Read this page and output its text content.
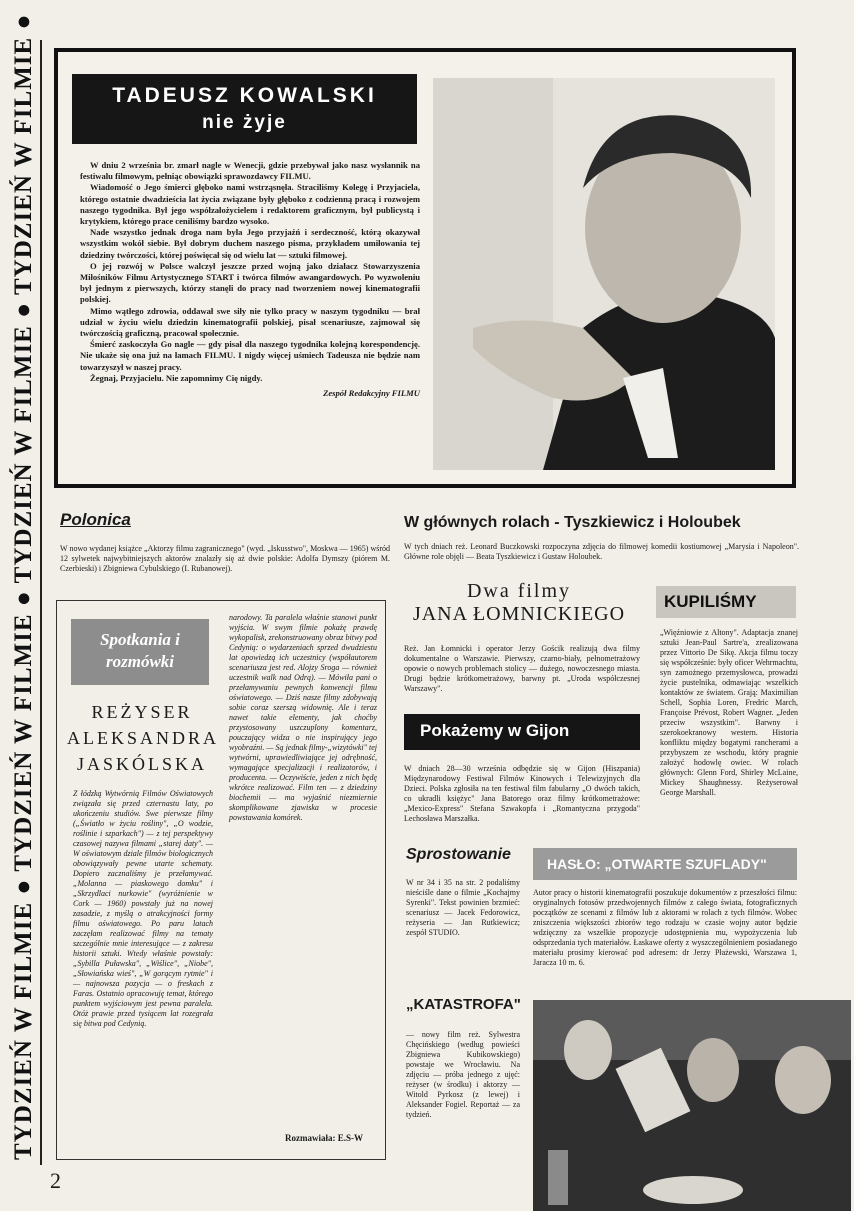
TYDZIEŃ W FILMIE ● TYDZIEŃ W FILMIE ● TYDZIEŃ W FILMIE ● TYDZIEŃ W FILMIE ●	TADEUSZ KOWALSKI
nie żyje

W dniu 2 września br. zmarł nagle w Wenecji, gdzie przebywał jako nasz wysłannik na festiwalu filmowym, pełniąc obowiązki sprawozdawcy FILMU.

Wiadomość o Jego śmierci głęboko nami wstrząsnęła. Straciliśmy Kolegę i Przyjaciela, którego ostatnie dwadzieścia lat życia związane były głęboko z codzienną pracą i rozwojem naszego tygodnika. Był jego współzałożycielem i redaktorem graficznym, był publicystą i krytykiem, którego prace ceniliśmy bardzo wysoko.

Nade wszystko jednak droga nam była Jego przyjaźń i serdeczność, którą okazywał wszystkim wokół siebie. Był dobrym duchem naszego pisma, przykładem umiłowania tej dziedziny twórczości, której poświęcał się od wielu lat — sztuki filmowej.

O jej rozwój w Polsce walczył jeszcze przed wojną jako działacz Stowarzyszenia Miłośników Filmu Artystycznego START i twórca filmów awangardowych. Po wyzwoleniu był jednym z pierwszych, którzy stanęli do pracy nad tworzeniem nowej kinematografii polskiej.

Mimo wątłego zdrowia, oddawał swe siły nie tylko pracy w naszym tygodniku — brał udział w życiu wielu dziedzin kinematografii polskiej, pisał scenariusze, zajmował się twórczością graficzną, pracował społecznie.

Śmierć zaskoczyła Go nagle — gdy pisał dla naszego tygodnika kolejną korespondencję. Nie ukaże się ona już na łamach FILMU. I nigdy więcej uśmiech Tadeusza nie będzie nam towarzyszył w naszej pracy.

Żegnaj, Przyjacielu. Nie zapomnimy Cię nigdy.

Zespół Redakcyjny FILMU
Polonica
W nowo wydanej książce „Aktorzy filmu zagranicznego" (wyd. „Iskusstwo", Moskwa — 1965) wśród 12 sylwetek najwybitniejszych aktorów znalazły się aż dwie polskie: Adolfa Dymszy (piórem M. Czerbieski) i Zbigniewa Cybulskiego (I. Rubanowej).
W głównych rolach - Tyszkiewicz i Holoubek
W tych dniach reż. Leonard Buczkowski rozpoczyna zdjęcia do filmowej komedii kostiumowej „Marysia i Napoleon". Główne role objęli — Beata Tyszkiewicz i Gustaw Holoubek.
Spotkania i rozmówki
REŻYSER ALEKSANDRA JASKÓLSKA
Z łódzką Wytwórnią Filmów Oświatowych związała się przed czternastu laty, po ukończeniu studiów. Swe pierwsze filmy („Światło w życiu rośliny", „O wodzie, roślinie i szparkach") — z tej perspektywy czasowej nazywa filmami „starej daty". — W oświatowym dziale filmów biologicznych obowiązywały pewne utarte schematy. Dopiero zacznaliśmy je przełamywać. „Molanna — piaskowego domku" i „Skrzydlaci nurkowie" (wyróżnienie w Cork — 1960) powstały już na nowej zasadzie, z myślą o atrakcyjności formy filmu oświatowego. Po paru latach zaczęłam realizować filmy na tematy szczególnie mnie interesujące — z zakresu historii sztuki. Wtedy właśnie powstały: „Sybilla Puławska", „Wiślice", „Niobe", „Słowiańska wieś", „W gorącym rytmie" i — najnowsza pozycja — o freskach z Faras. Ostatnio opracowuję temat, którego punktem wyjściowym jest pewna paralela. Otóż prawie przed tysiącem lat rozegrała się bitwa pod Cedynią.
narodowy. Ta paralela właśnie stanowi punkt wyjścia. W swym filmie pokażę prawdę wykopalisk, zrekonstruowany obraz bitwy pod Cedynią: o wydarzeniach sprzed dwudziestu lat opowiedzą ich uczestnicy (współautorem scenariusza jest red. Alojzy Sroga — również uczestnik walk nad Odrą). — Mówiła pani o przełamywaniu pewnych konwencji filmu oświatowego. — Dziś nasze filmy zdobywają sobie coraz szerszą widownię. Ale i teraz nawet takie elementy, jak choćby przystosowany uszczuplony komentarz, pouczający widza o nie inspirujący jego wyobraźni. — Są jednak filmy-„wizytówki" tej wytwórni, uprawiedliwiające jej odrębność, wymagające specjalizacji i realizatorów, i producenta. — Oczywiście, jeden z nich będę wkrótce realizować. Film ten — z dziedziny biochemii — ma wyjaśnić niezmiernie skomplikowane zjawiska w procesie powstawania komórek.
Rozmawiała: E.S-W
Dwa filmy
JANA ŁOMNICKIEGO
Reż. Jan Łomnicki i operator Jerzy Gościk realizują dwa filmy dokumentalne o Warszawie. Pierwszy, czarno-biały, pełnometrażowy opowie o nowych problemach stolicy — dużego, nowoczesnego miasta. Drugi będzie krótkometrażowy, barwny pt. „Uroda współczesnej Warszawy".
Pokażemy w Gijon
W dniach 28—30 września odbędzie się w Gijon (Hiszpania) Międzynarodowy Festiwal Filmów Kinowych i Telewizyjnych dla Dzieci. Polska zgłosiła na ten festiwal film fabularny „O dwóch takich, co ukradli księżyc" Jana Batorego oraz filmy krótkometrażowe: „Mexico-Express" Stefana Szwakopfa i „Romantyczna przygoda" Lechosława Marszałka.
KUPILIŚMY
„Więźniowie z Altony". Adaptacja znanej sztuki Jean-Paul Sartre'a, zrealizowana przez Vittorio De Sikę. Akcja filmu toczy się współcześnie: były oficer Wehrmachtu, syn zamożnego przemysłowca, prowadzi życie pustelnika, odmawiając wszelkich kontaktów ze światem. Grają: Maximilian Schell, Sophia Loren, Fredric March, Françoise Prévost, Robert Wagner. „Jeden przeciw wszystkim". Barwny i szerokoekranowy western. Historia konfliktu między bogatymi rancherami a przybyszem ze wschodu, który pragnie założyć hodowlę owiec. W rolach głównych: Glenn Ford, Shirley McLaine, Mickey Shaughnessy. Reżyserował George Marshall.
Sprostowanie
W nr 34 i 35 na str. 2 podaliśmy nieściśle dane o filmie „Kochajmy Syrenki". Tekst powinien brzmieć: scenariusz — Jacek Fedorowicz, reżyseria — Jan Rutkiewicz; zespół STUDIO.
HASŁO: „OTWARTE SZUFLADY"
Autor pracy o historii kinematografii poszukuje dokumentów z przeszłości filmu: oryginalnych fotosów przedwojennych filmów z całego świata, fotograficznych początków ze scenami z filmów lub z aktorami w rolach z tych filmów. Wobec zniszczenia większości zbiorów tego rodzaju w czasie wojny autor będzie wdzięczny za wszelkie propozycje udostępnienia mu, wypożyczenia lub odsprzedania tych materiałów. Łaskawe oferty z wyszczególnieniem posiadanego materiału prosimy kierować pod adresem: dr Jerzy Płażewski, Warszawa 1, Jaracza 10 m. 6.
„KATASTROFA"
— nowy film reż. Sylwestra Chęcińskiego (według powieści Zbigniewa Kubikowskiego) powstaje we Wrocławiu. Na zdjęciu — próba jednego z ujęć: reżyser (w środku) i aktorzy — Witold Pyrkosz (z lewej) i Aleksander Fogiel. Reportaż — za tydzień.
2
